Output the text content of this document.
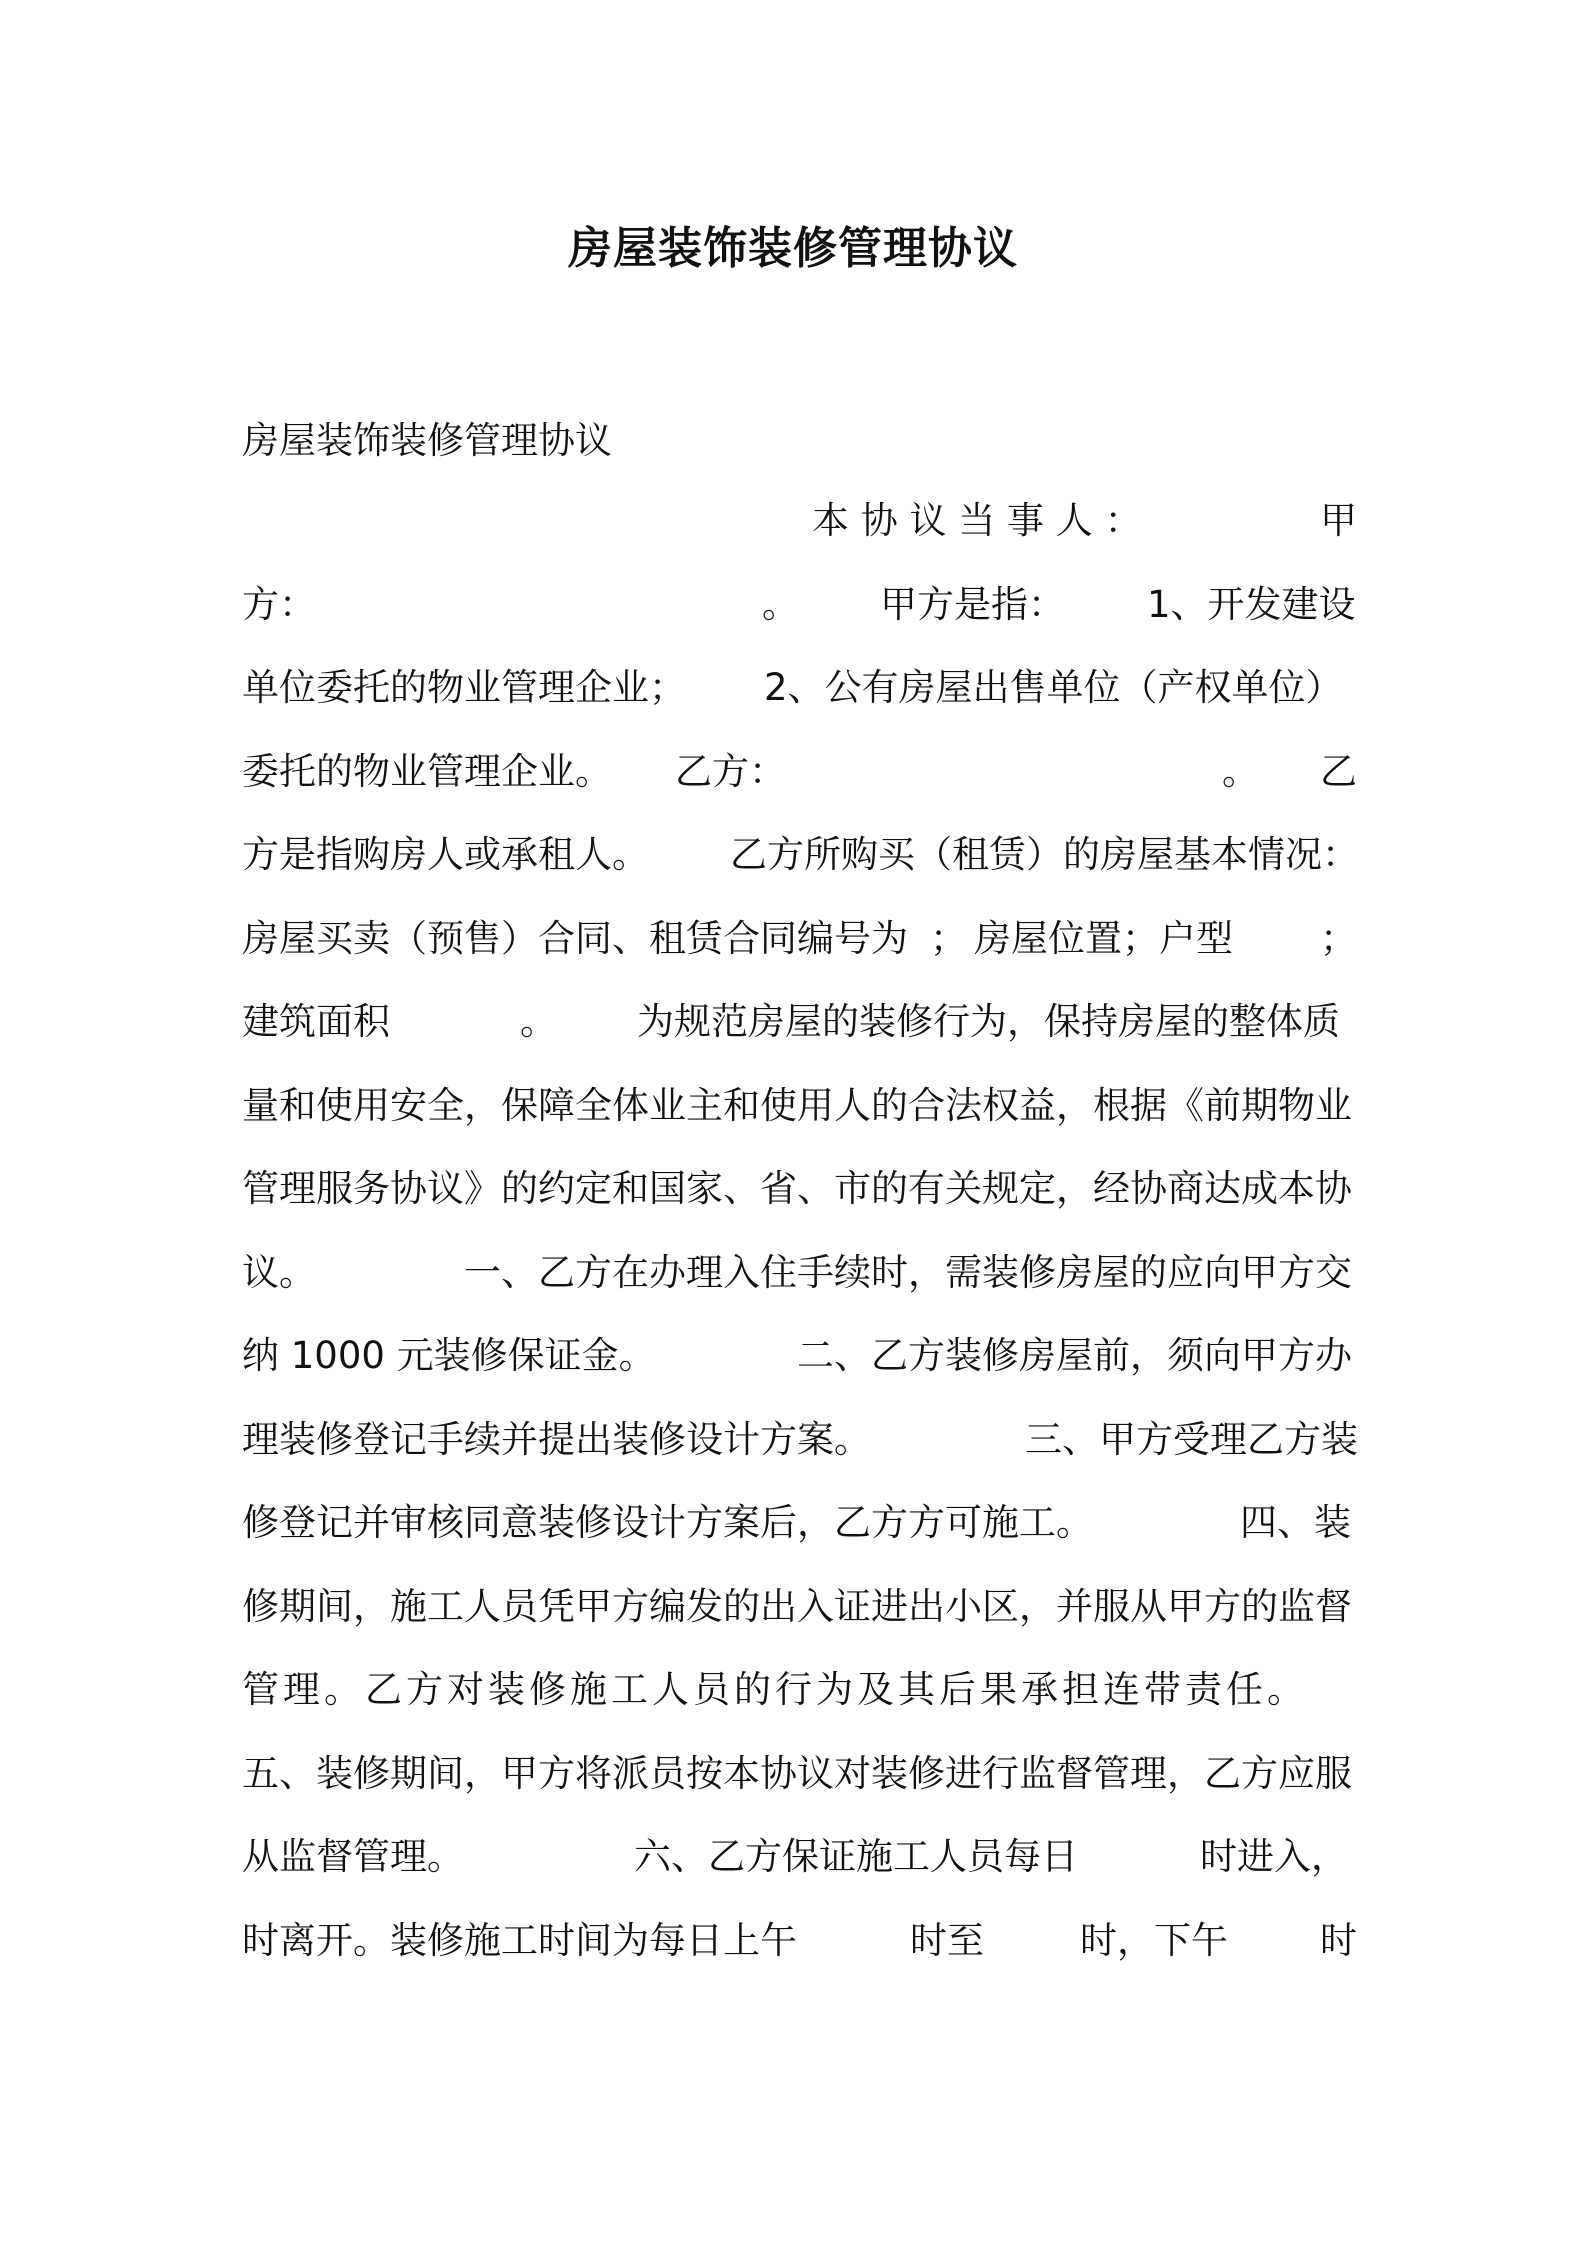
房屋装饰装修管理协议
房屋装饰装修管理协议

本 协 议 当 事 人 ：

	甲

方：

	。

甲方是指：

1、开发建设

单位委托的物业管理企业；

2、公有房屋出售单位（产权单位）

委托的物业管理企业。

乙方：

	。

乙

方是指购房人或承租人。

乙方所购买（租赁）的房屋基本情况：

房屋买卖（预售）合同、租赁合同编号为

；

房屋位置；户型

；

建筑面积

	。

为规范房屋的装修行为，保持房屋的整体质

量和使用安全，保障全体业主和使用人的合法权益，根据《前期物业

管理服务协议》的约定和国家、省、市的有关规定，经协商达成本协

议。

	一、乙方在办理入住手续时，需装修房屋的应向甲方交

纳 1000 元装修保证金。

	二、乙方装修房屋前，须向甲方办

理装修登记手续并提出装修设计方案。

	三、甲方受理乙方装

修登记并审核同意装修设计方案后，乙方方可施工。

	四、装

修期间，施工人员凭甲方编发的出入证进出小区，并服从甲方的监督

管理。乙方对装修施工人员的行为及其后果承担连带责任。

五、装修期间，甲方将派员按本协议对装修进行监督管理，乙方应服

从监督管理。

	六、乙方保证施工人员每日

	时进入，

时离开。装修施工时间为每日上午

	时至

	时，下午

时
